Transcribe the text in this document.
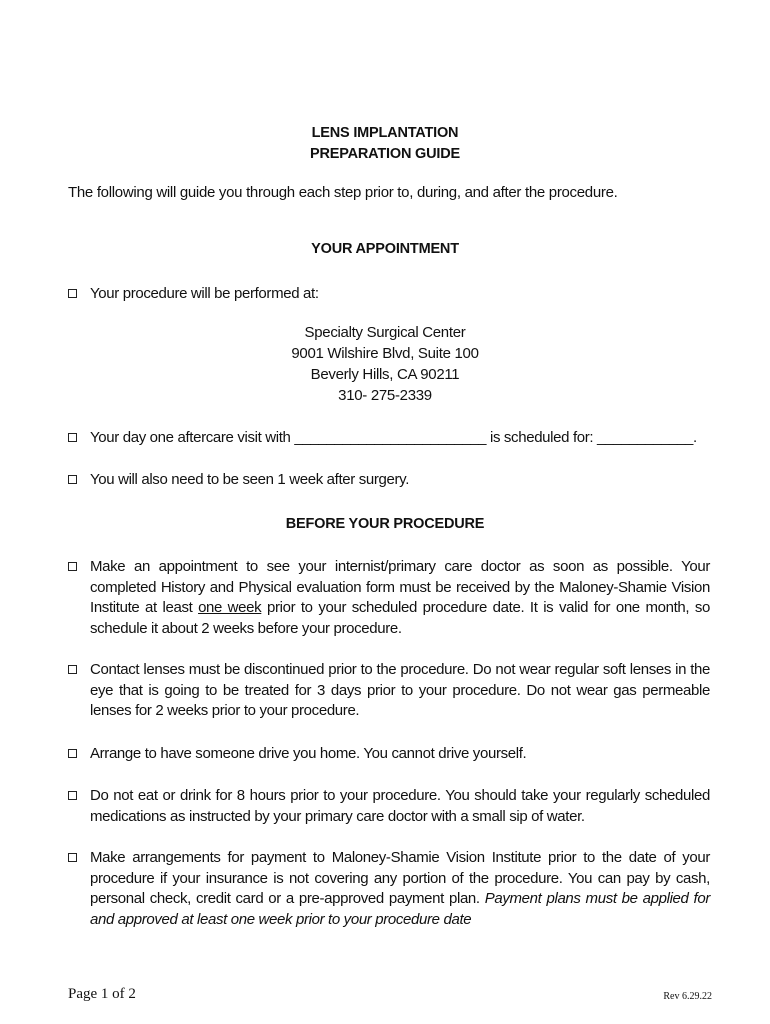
LENS IMPLANTATION
PREPARATION GUIDE
The following will guide you through each step prior to, during, and after the procedure.
YOUR APPOINTMENT
Your procedure will be performed at:
Specialty Surgical Center
9001 Wilshire Blvd, Suite 100
Beverly Hills, CA 90211
310- 275-2339
Your day one aftercare visit with ________________________ is scheduled for: ____________.
You will also need to be seen 1 week after surgery.
BEFORE YOUR PROCEDURE
Make an appointment to see your internist/primary care doctor as soon as possible. Your completed History and Physical evaluation form must be received by the Maloney-Shamie Vision Institute at least one week prior to your scheduled procedure date. It is valid for one month, so schedule it about 2 weeks before your procedure.
Contact lenses must be discontinued prior to the procedure. Do not wear regular soft lenses in the eye that is going to be treated for 3 days prior to your procedure. Do not wear gas permeable lenses for 2 weeks prior to your procedure.
Arrange to have someone drive you home. You cannot drive yourself.
Do not eat or drink for 8 hours prior to your procedure. You should take your regularly scheduled medications as instructed by your primary care doctor with a small sip of water.
Make arrangements for payment to Maloney-Shamie Vision Institute prior to the date of your procedure if your insurance is not covering any portion of the procedure. You can pay by cash, personal check, credit card or a pre-approved payment plan. Payment plans must be applied for and approved at least one week prior to your procedure date
Page 1 of 2	Rev 6.29.22
